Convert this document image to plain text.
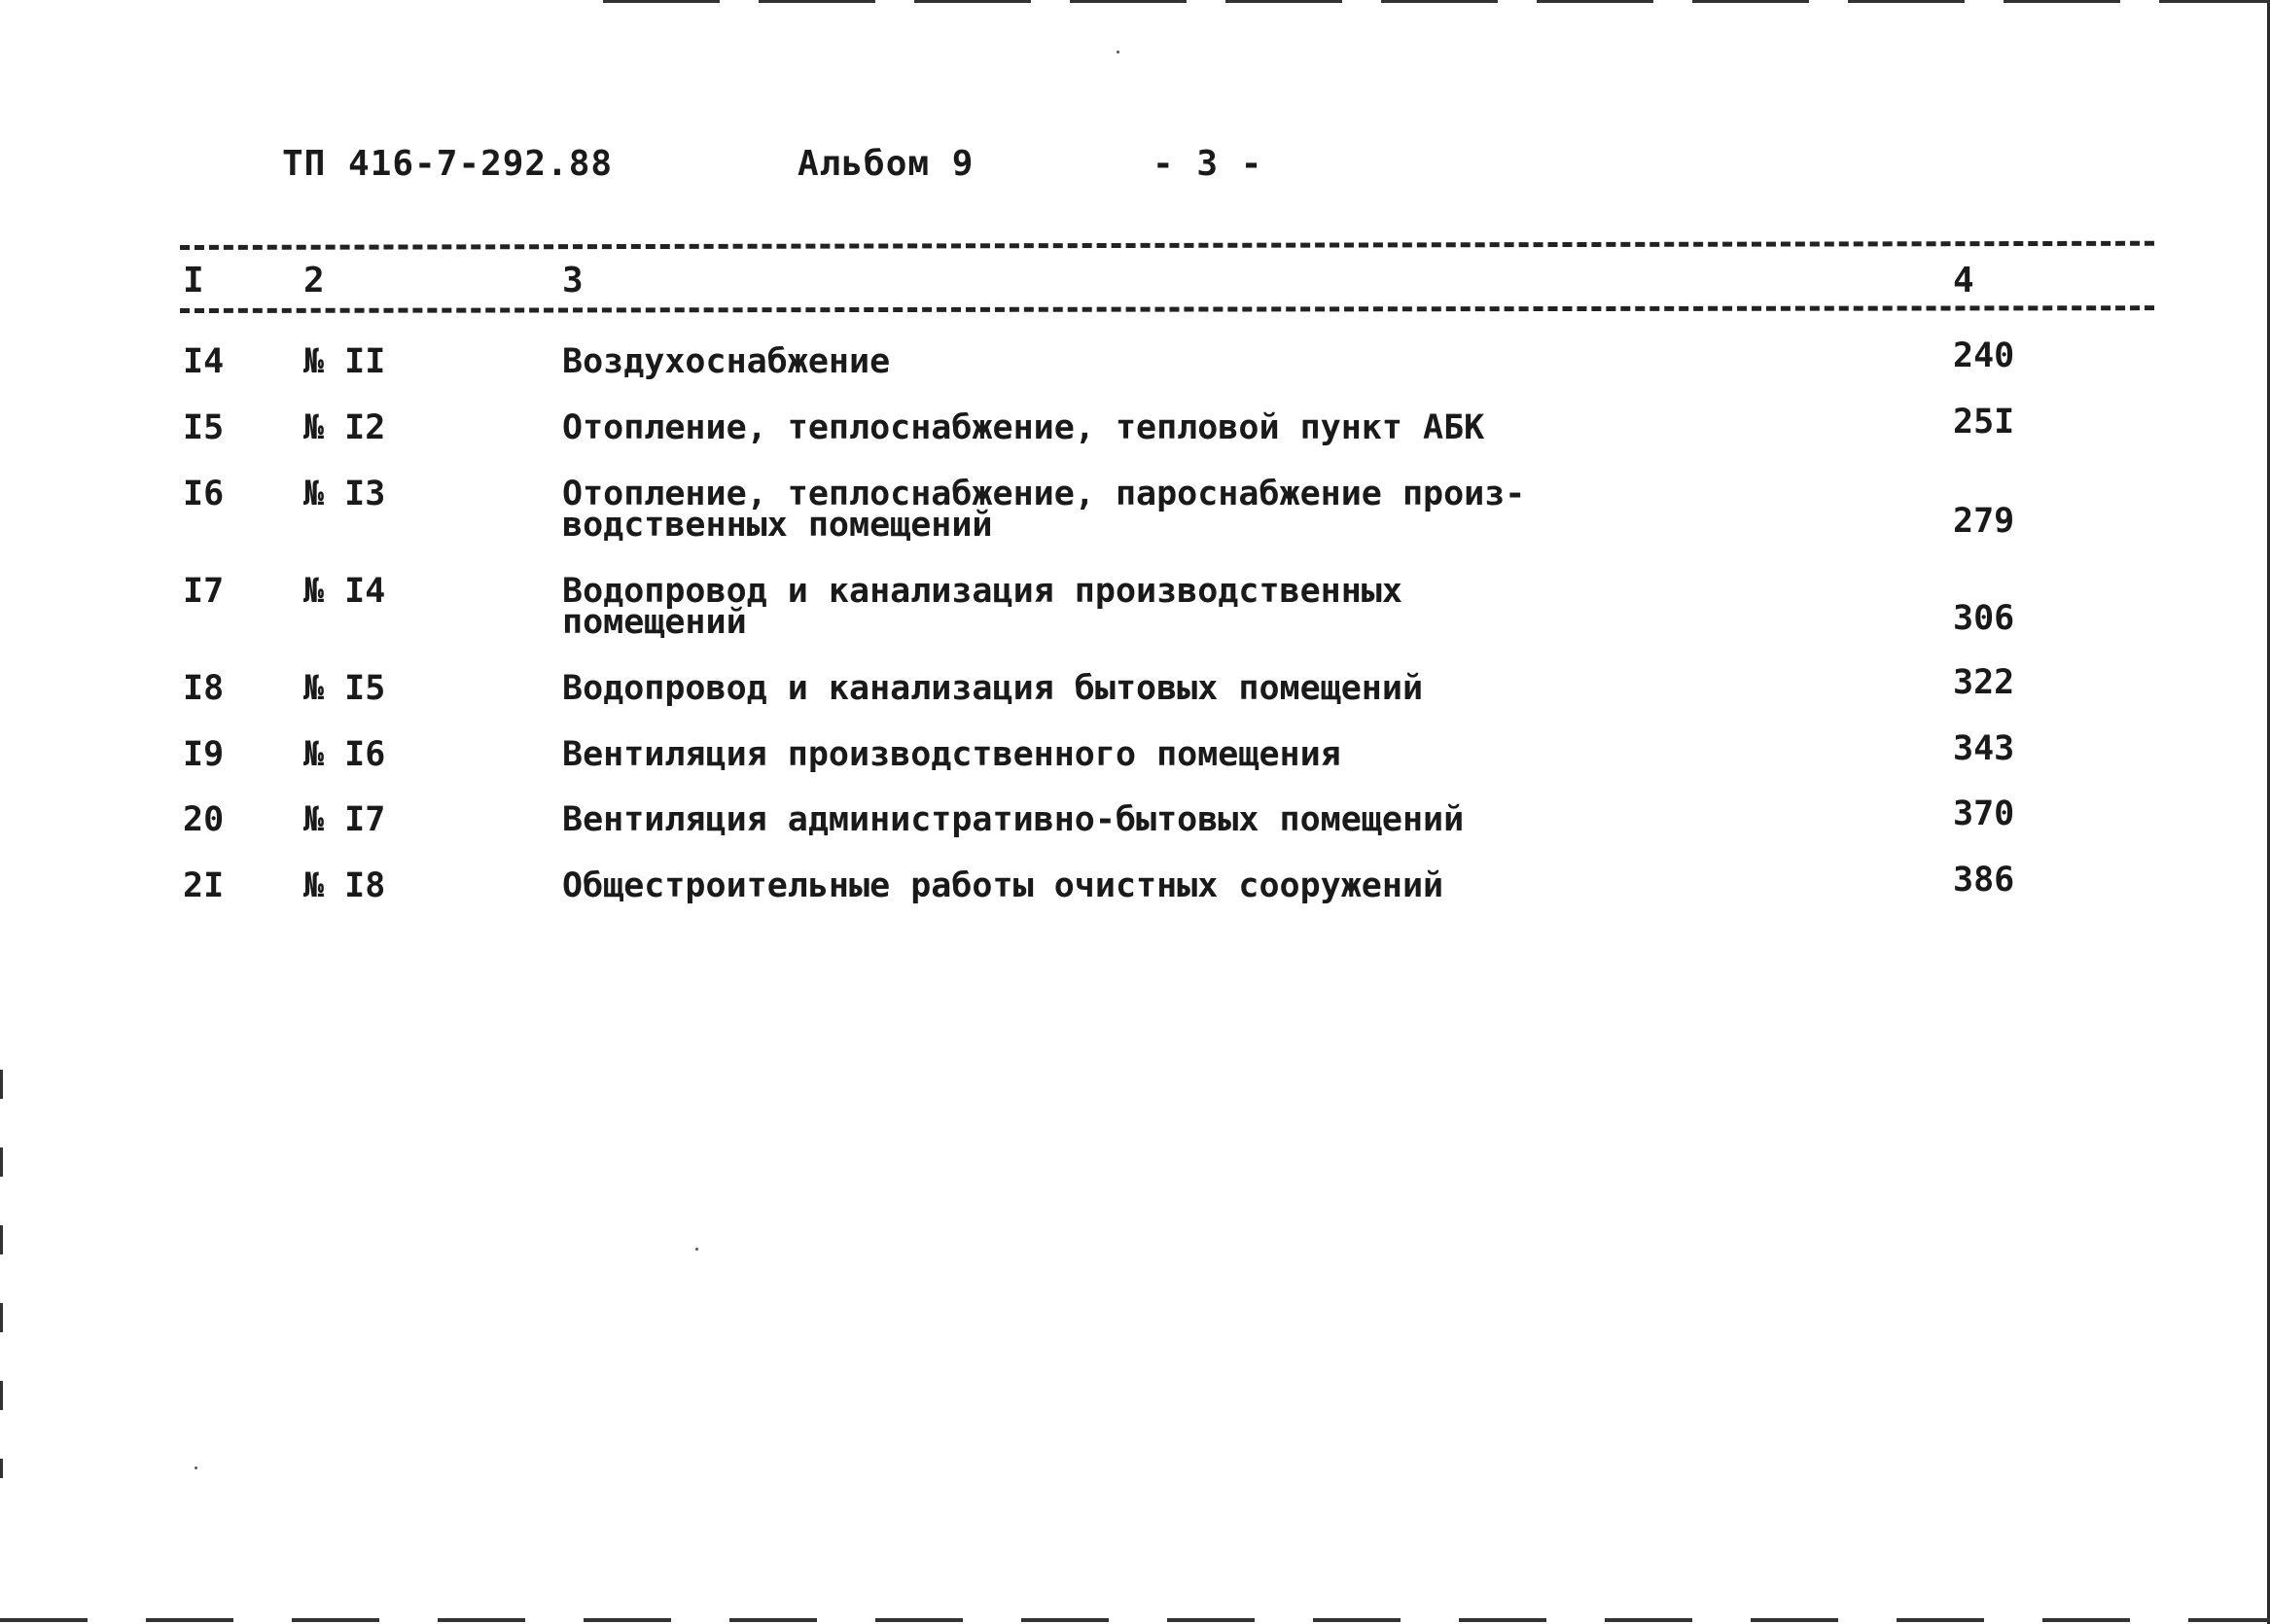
ТП 416-7-292.88	Альбом 9	- 3 -
I	2	3	4
I4 № II	Воздухоснабжение	240
I5 № I2	Отопление, теплоснабжение, тепловой пункт АБК	25I
I6 № I3	Отопление, теплоснабжение, пароснабжение произ-
водственных помещений	279
I7 № I4	Водопровод и канализация производственных
помещений	306
I8 № I5	Водопровод и канализация бытовых помещений	322
I9 № I6	Вентиляция производственного помещения	343
20 № I7	Вентиляция административно-бытовых помещений	370
2I № I8	Общестроительные работы очистных сооружений	386
